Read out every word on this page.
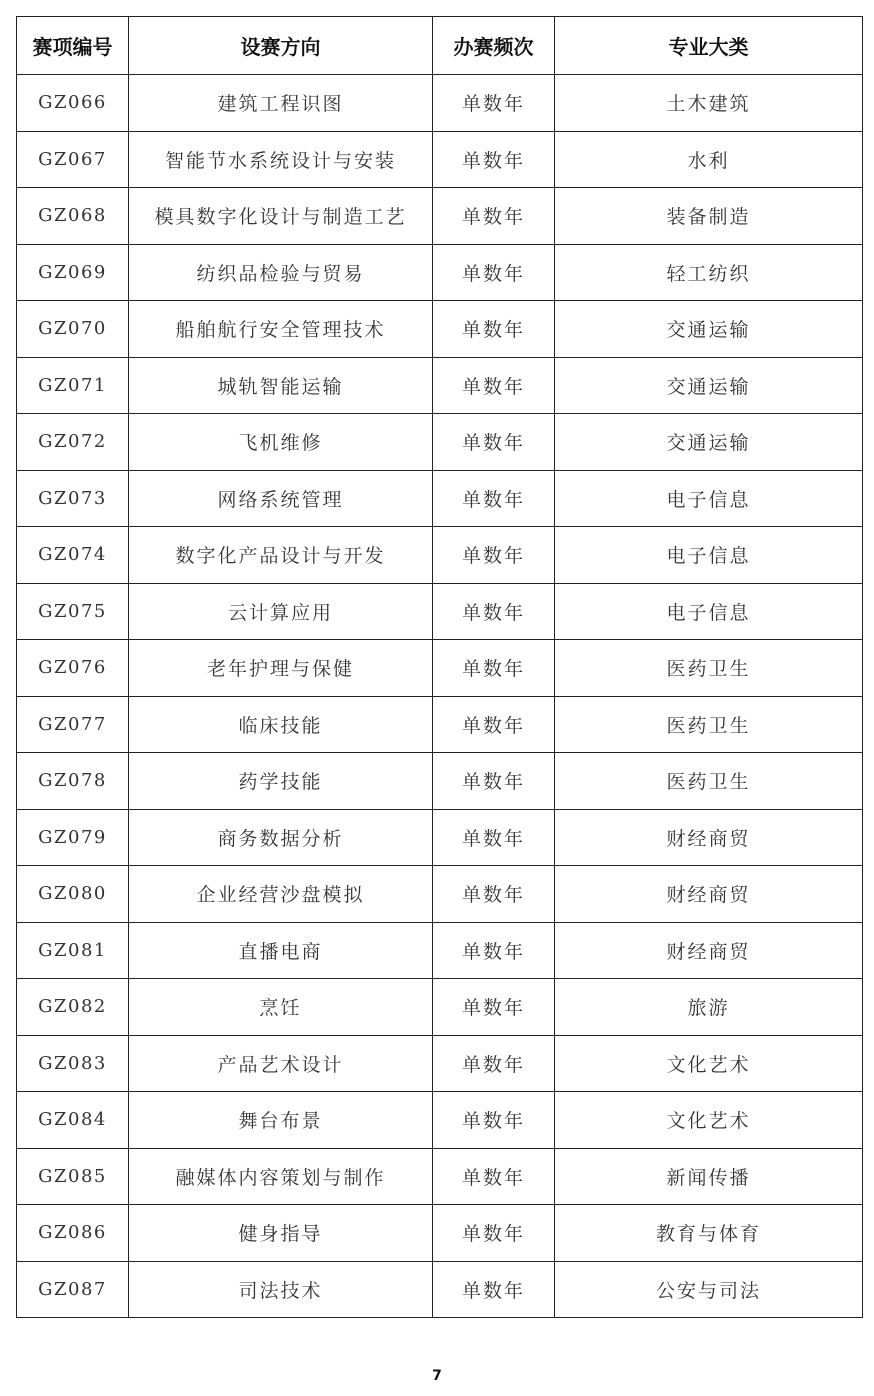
赛项编号	设赛方向	办赛频次	专业大类
GZ066	建筑工程识图	单数年	土木建筑
GZ067	智能节水系统设计与安装	单数年	水利
GZ068	模具数字化设计与制造工艺	单数年	装备制造
GZ069	纺织品检验与贸易	单数年	轻工纺织
GZ070	船舶航行安全管理技术	单数年	交通运输
GZ071	城轨智能运输	单数年	交通运输
GZ072	飞机维修	单数年	交通运输
GZ073	网络系统管理	单数年	电子信息
GZ074	数字化产品设计与开发	单数年	电子信息
GZ075	云计算应用	单数年	电子信息
GZ076	老年护理与保健	单数年	医药卫生
GZ077	临床技能	单数年	医药卫生
GZ078	药学技能	单数年	医药卫生
GZ079	商务数据分析	单数年	财经商贸
GZ080	企业经营沙盘模拟	单数年	财经商贸
GZ081	直播电商	单数年	财经商贸
GZ082	烹饪	单数年	旅游
GZ083	产品艺术设计	单数年	文化艺术
GZ084	舞台布景	单数年	文化艺术
GZ085	融媒体内容策划与制作	单数年	新闻传播
GZ086	健身指导	单数年	教育与体育
GZ087	司法技术	单数年	公安与司法
7
